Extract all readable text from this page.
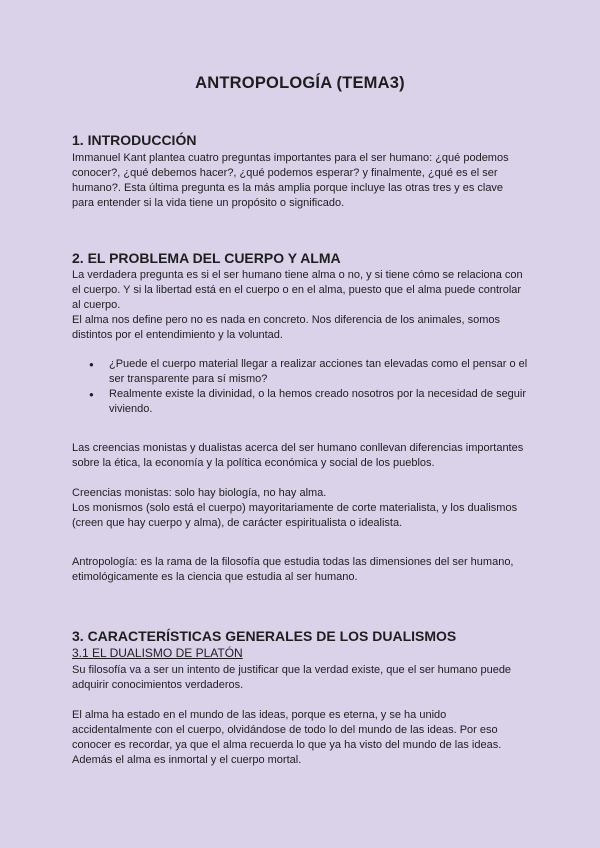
ANTROPOLOGÍA (TEMA3)
1. INTRODUCCIÓN

Immanuel Kant plantea cuatro preguntas importantes para el ser humano: ¿qué podemos conocer?, ¿qué debemos hacer?, ¿qué podemos esperar? y finalmente, ¿qué es el ser humano?. Esta última pregunta es la más amplia porque incluye las otras tres y es clave para entender si la vida tiene un propósito o significado.

2. EL PROBLEMA DEL CUERPO Y ALMA

La verdadera pregunta es si el ser humano tiene alma o no, y si tiene cómo se relaciona con el cuerpo. Y si la libertad está en el cuerpo o en el alma, puesto que el alma puede controlar al cuerpo.

El alma nos define pero no es nada en concreto. Nos diferencia de los animales, somos distintos por el entendimiento y la voluntad.

● ¿Puede el cuerpo material llegar a realizar acciones tan elevadas como el pensar o el ser transparente para sí mismo?
● Realmente existe la divinidad, o la hemos creado nosotros por la necesidad de seguir viviendo.

Las creencias monistas y dualistas acerca del ser humano conllevan diferencias importantes sobre la ética, la economía y la política económica y social de los pueblos.

Creencias monistas: solo hay biología, no hay alma.

Los monismos (solo está el cuerpo) mayoritariamente de corte materialista, y los dualismos (creen que hay cuerpo y alma), de carácter espiritualista o idealista.

Antropología: es la rama de la filosofía que estudia todas las dimensiones del ser humano, etimológicamente es la ciencia que estudia al ser humano.

3. CARACTERÍSTICAS GENERALES DE LOS DUALISMOS
3.1 EL DUALISMO DE PLATÓN

Su filosofía va a ser un intento de justificar que la verdad existe, que el ser humano puede adquirir conocimientos verdaderos.

El alma ha estado en el mundo de las ideas, porque es eterna, y se ha unido accidentalmente con el cuerpo, olvidándose de todo lo del mundo de las ideas. Por eso conocer es recordar, ya que el alma recuerda lo que ya ha visto del mundo de las ideas. Además el alma es inmortal y el cuerpo mortal.
